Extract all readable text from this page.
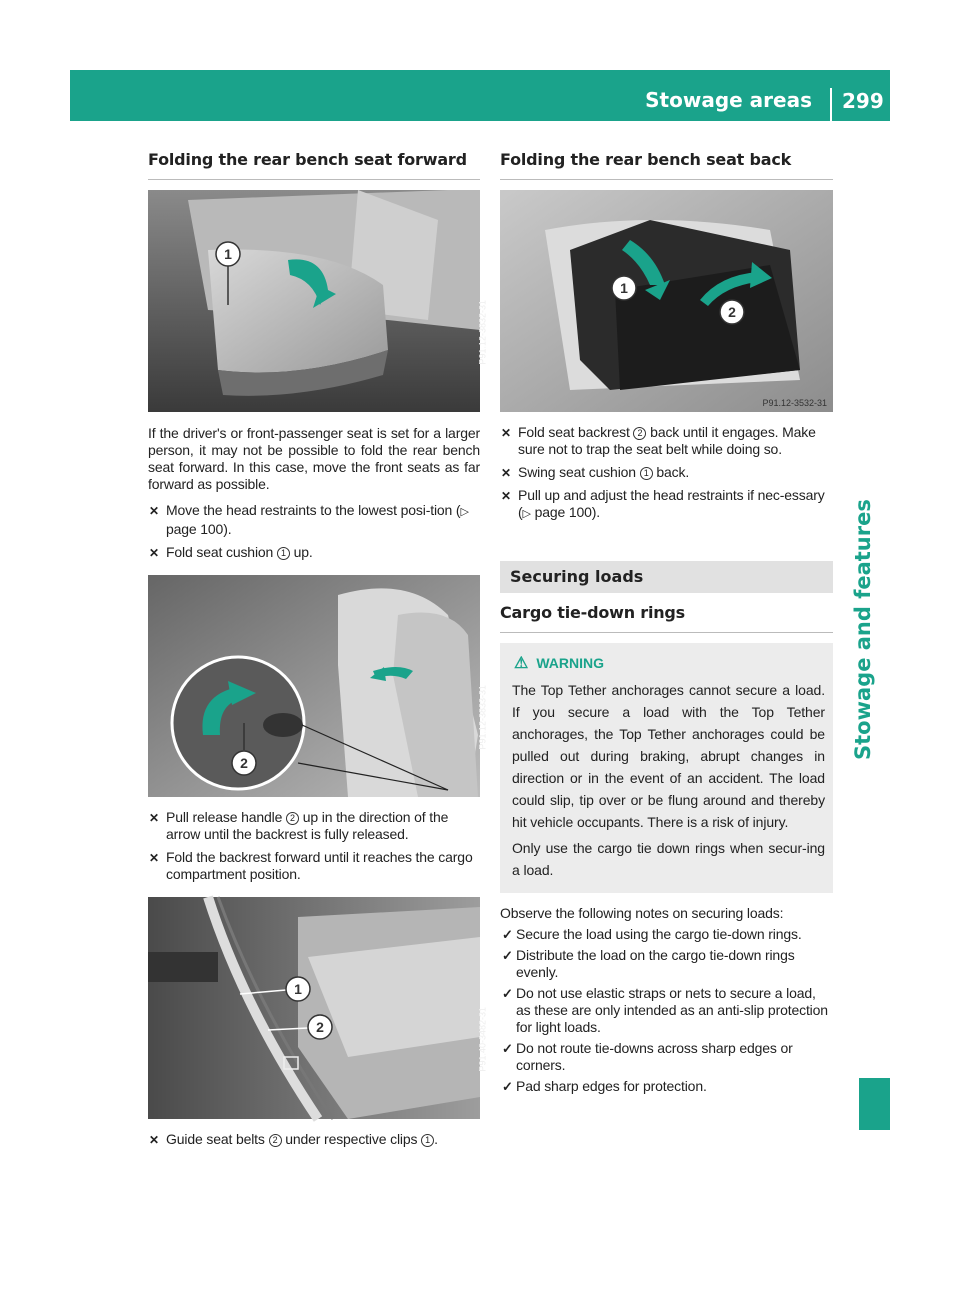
Stowage areas 299
Stowage and features
Folding the rear bench seat forward
1
P91.12-3832-31

If the driver's or front-passenger seat is set for a larger person, it may not be possible to fold the rear bench seat forward. In this case, move the front seats as far forward as possible.

✕ Move the head restraints to the lowest posi-tion (▷ page 100).
✕ Fold seat cushion 1 up.
2
P91.12-3833-31
✕ Pull release handle 2 up in the direction of the arrow until the backrest is fully released.
✕ Fold the backrest forward until it reaches the cargo compartment position.
1
2	P91.40-3482-31
✕ Guide seat belts 2 under respective clips 1 .
Folding the rear bench seat back
1
2
P91.12-3532-31
✕ Fold seat backrest 2 back until it engages. Make sure not to trap the seat belt while doing so.
✕ Swing seat cushion 1 back.
✕ Pull up and adjust the head restraints if nec-essary (▷ page 100).
Securing loads
Cargo tie-down rings
⚠ WARNING

The Top Tether anchorages cannot secure a load. If you secure a load with the Top Tether anchorages, the Top Tether anchorages could be pulled out during braking, abrupt changes in direction or in the event of an accident. The load could slip, tip over or be flung around and thereby hit vehicle occupants. There is a risk of injury.

Only use the cargo tie down rings when secur-ing a load.

Observe the following notes on securing loads:

✓ Secure the load using the cargo tie-down rings.
✓ Distribute the load on the cargo tie-down rings evenly.
✓ Do not use elastic straps or nets to secure a load, as these are only intended as an anti-slip protection for light loads.
✓ Do not route tie-downs across sharp edges or corners.
✓ Pad sharp edges for protection.
